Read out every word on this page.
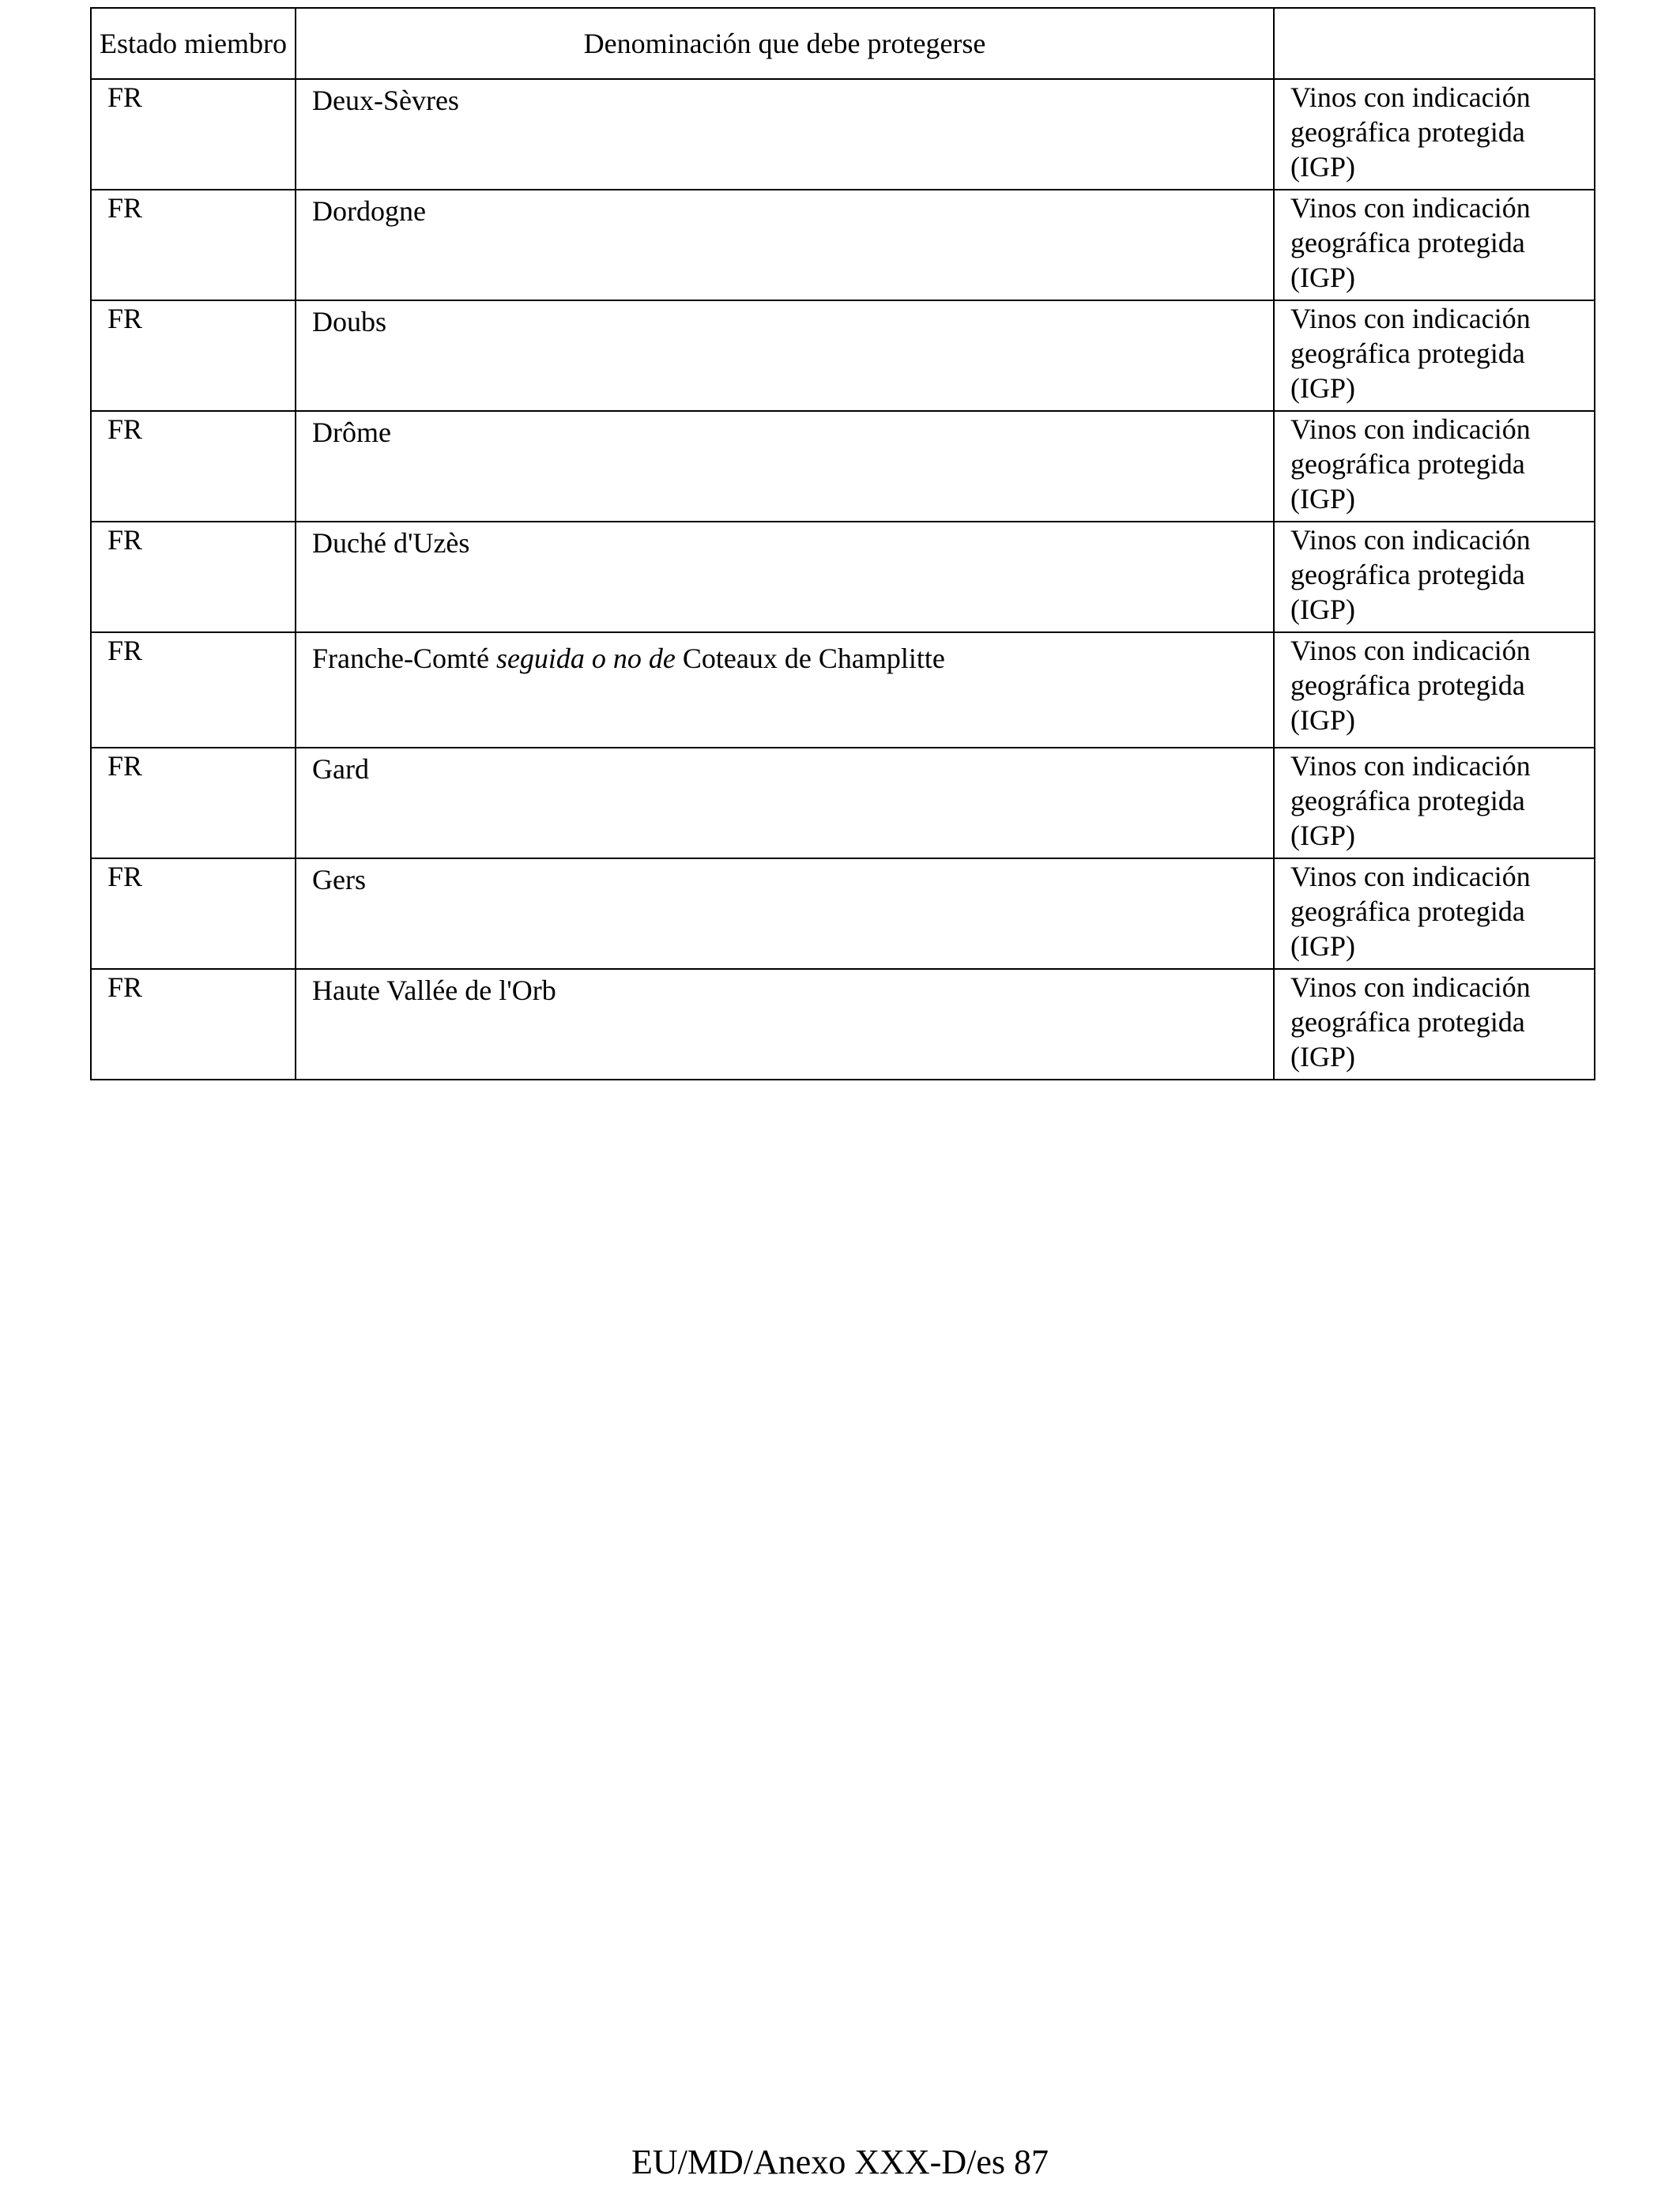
Estado miembro	Denominación que debe protegerse	
FR	Deux-Sèvres	Vinos con indicación geográfica protegida (IGP)
FR	Dordogne	Vinos con indicación geográfica protegida (IGP)
FR	Doubs	Vinos con indicación geográfica protegida (IGP)
FR	Drôme	Vinos con indicación geográfica protegida (IGP)
FR	Duché d'Uzès	Vinos con indicación geográfica protegida (IGP)
FR	Franche-Comté seguida o no de Coteaux de Champlitte	Vinos con indicación geográfica protegida (IGP)
FR	Gard	Vinos con indicación geográfica protegida (IGP)
FR	Gers	Vinos con indicación geográfica protegida (IGP)
FR	Haute Vallée de l'Orb	Vinos con indicación geográfica protegida (IGP)
EU/MD/Anexo XXX-D/es 87
